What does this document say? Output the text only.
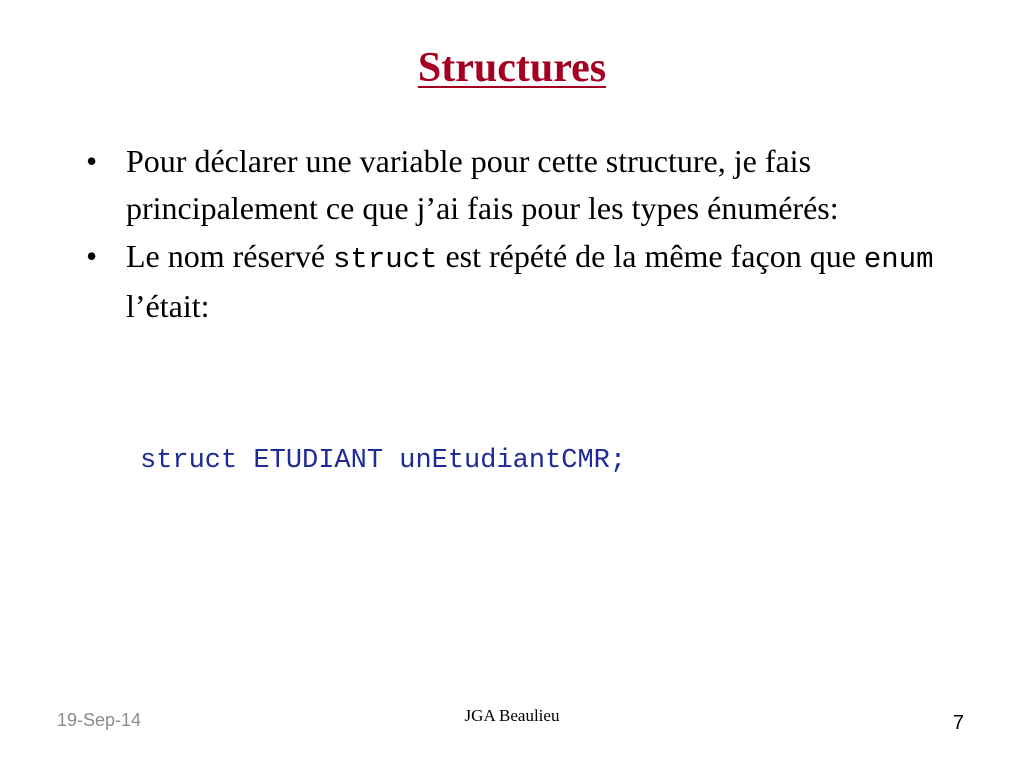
Structures
• Pour déclarer une variable pour cette structure, je fais principalement ce que j’ai fais pour les types énumérés:
• Le nom réservé struct est répété de la même façon que enum l’était:
struct ETUDIANT unEtudiantCMR;
19-Sep-14	JGA Beaulieu	7
